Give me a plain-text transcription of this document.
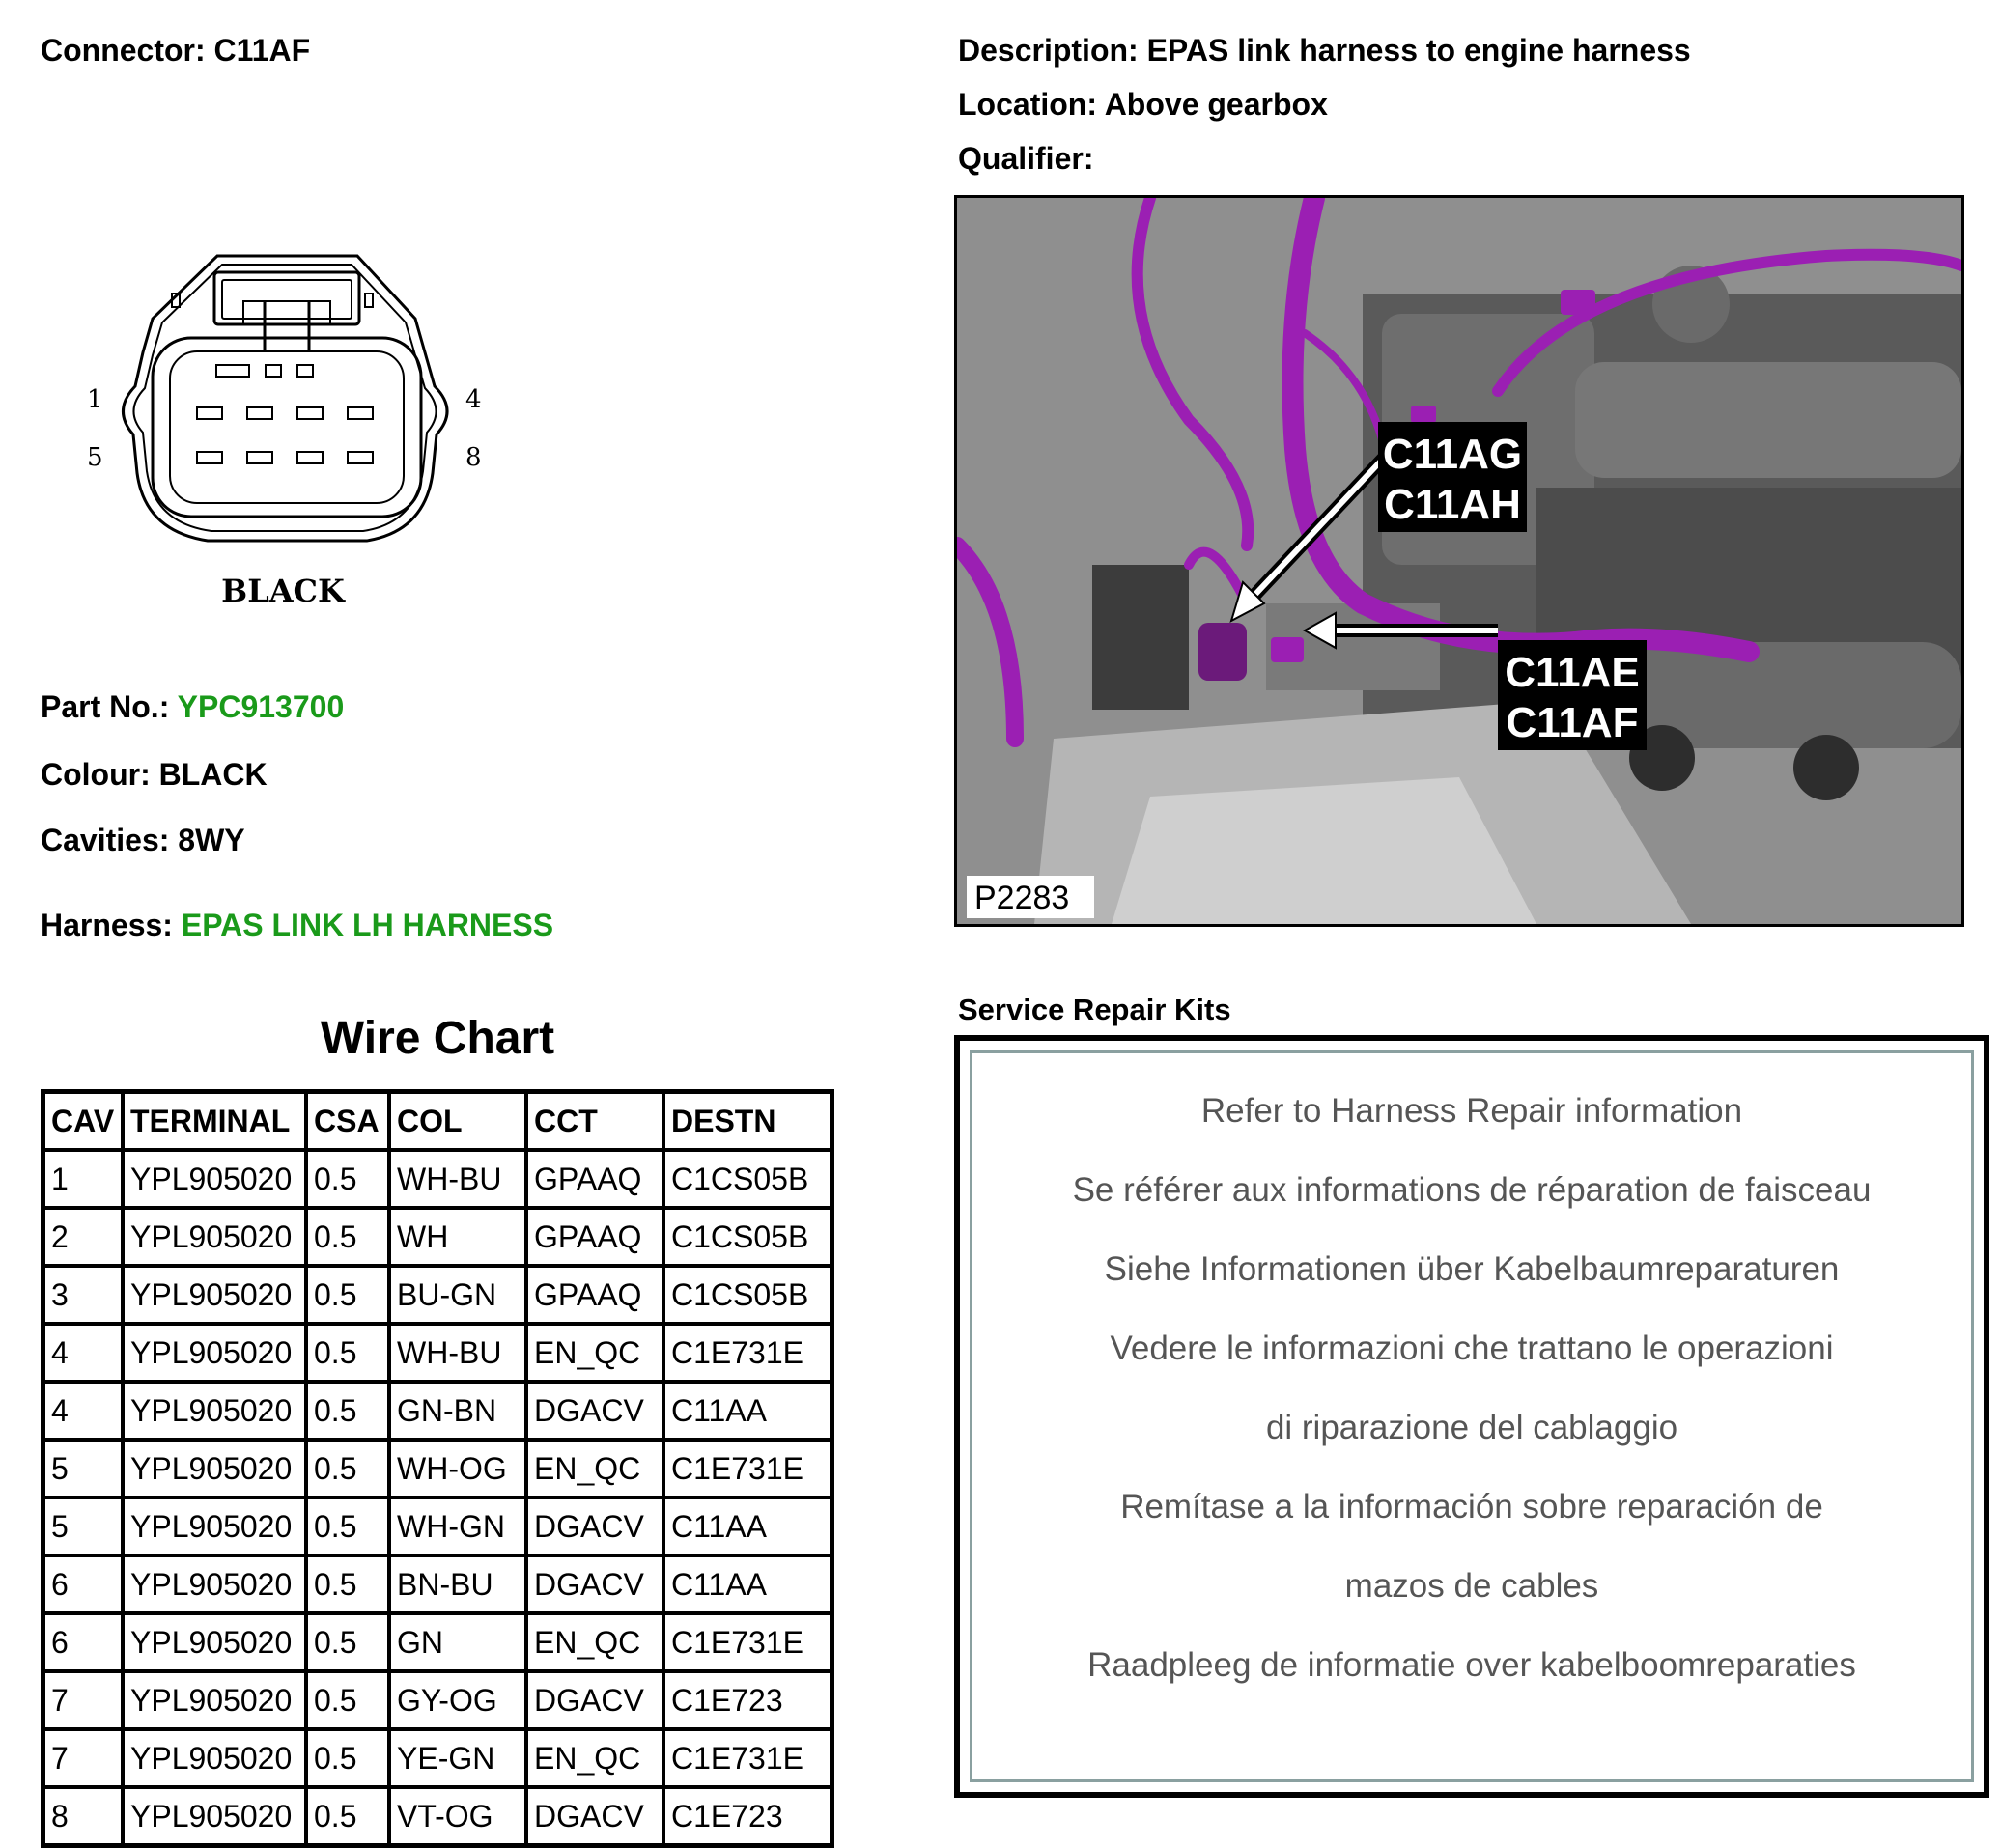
Connector: C11AF	Description: EPAS link harness to engine harness
Location: Above gearbox
Qualifier:
1
5
4
8
BLACK
Part No.: YPC913700
Colour: BLACK
Cavities: 8WY
Harness: EPAS LINK LH HARNESS
Wire Chart
CAV	TERMINAL	CSA	COL	CCT	DESTN
1	YPL905020	0.5	WH-BU	GPAAQ	C1CS05B
2	YPL905020	0.5	WH	GPAAQ	C1CS05B
3	YPL905020	0.5	BU-GN	GPAAQ	C1CS05B
4	YPL905020	0.5	WH-BU	EN_QC	C1E731E
4	YPL905020	0.5	GN-BN	DGACV	C11AA
5	YPL905020	0.5	WH-OG	EN_QC	C1E731E
5	YPL905020	0.5	WH-GN	DGACV	C11AA
6	YPL905020	0.5	BN-BU	DGACV	C11AA
6	YPL905020	0.5	GN	EN_QC	C1E731E
7	YPL905020	0.5	GY-OG	DGACV	C1E723
7	YPL905020	0.5	YE-GN	EN_QC	C1E731E
8	YPL905020	0.5	VT-OG	DGACV	C1E723
C11AG
C11AH
C11AE
C11AF
P2283
Service Repair Kits
Refer to Harness Repair information
Se référer aux informations de réparation de faisceau
Siehe Informationen über Kabelbaumreparaturen
Vedere le informazioni che trattano le operazioni
di riparazione del cablaggio
Remítase a la información sobre reparación de
mazos de cables
Raadpleeg de informatie over kabelboomreparaties
